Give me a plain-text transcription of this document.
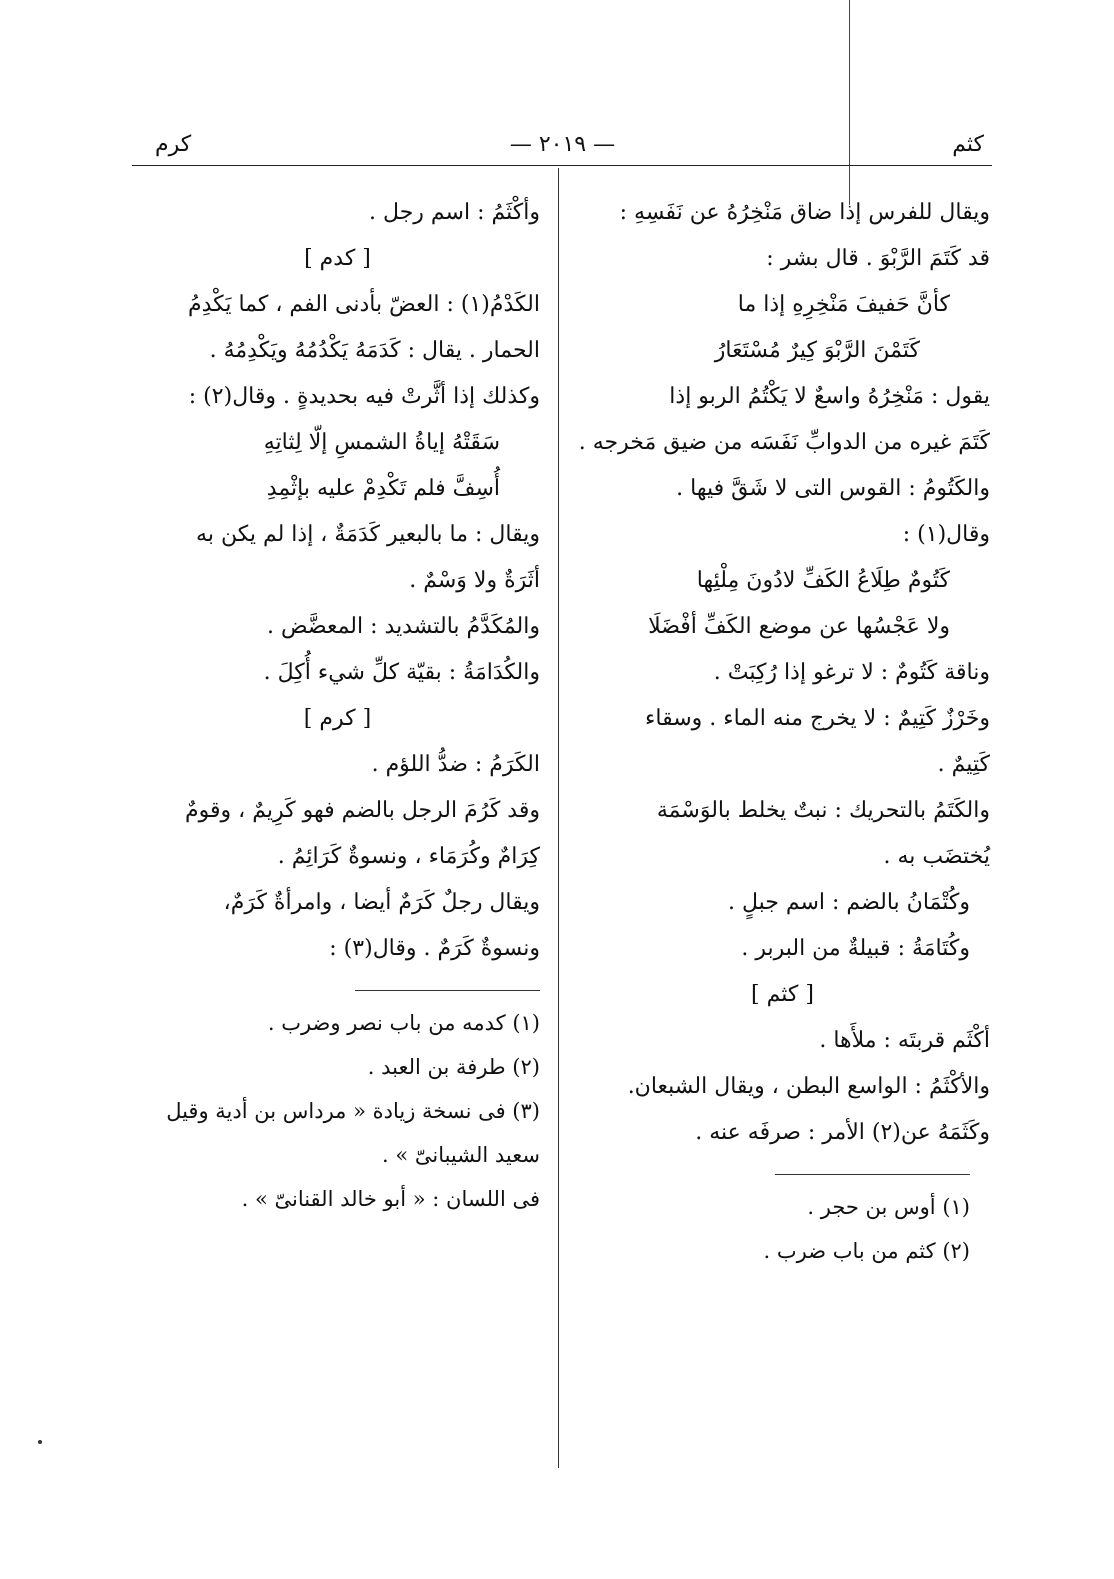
كرم	— ٢٠١٩ —	كثم

ويقال للفرس إذا ضاق مَنْخِرُهُ عن نَفَسِهِ :

قد كَتَمَ الرَّبْوَ . قال بشر :

كأنَّ حَفيفَ مَنْخِرِهِ إذا ما

كَتَمْنَ الرَّبْوَ كِيرٌ مُسْتَعَارُ

يقول : مَنْخِرُهُ واسعٌ لا يَكْتُمُ الربو إذا

كَتَمَ غيره من الدوابِّ نَفَسَه من ضيق مَخرجه .

والكَتُومُ : القوس التى لا شَقَّ فيها .

وقال(١) :

كَتُومٌ طِلَاعُ الكَفِّ لادُونَ مِلْئِها

ولا عَجْسُها عن موضع الكَفِّ أفْضَلَا

وناقة كَتُومٌ : لا ترغو إذا رُكِبَتْ .

وخَرْزٌ كَتِيمٌ : لا يخرج منه الماء . وسقاء

كَتِيمٌ .

والكَتَمُ بالتحريك : نبتٌ يخلط بالوَسْمَة

يُختضَب به .

وكُتْمَانُ بالضم : اسم جبلٍ .

وكُتَامَةُ : قبيلةٌ من البربر .

[ كثم ]

أكْثَم قربتَه : ملأَها .

والأكْثَمُ : الواسع البطن ، ويقال الشبعان.

وكَثَمَهُ عن(٢) الأمر : صرفَه عنه .

(١) أوس بن حجر .

(٢) كثم من باب ضرب .

وأكْثَمُ : اسم رجل .

[ كدم ]

الكَدْمُ(١) : العضّ بأدنى الفم ، كما يَكْدِمُ

الحمار . يقال : كَدَمَهُ يَكْدُمُهُ ويَكْدِمُهُ .

وكذلك إذا أثَّرتْ فيه بحديدةٍ . وقال(٢) :

سَقَتْهُ إياةُ الشمسِ إلّا لِثاتِهِ

أُسِفَّ فلم تَكْدِمْ عليه بإثْمِدِ

ويقال : ما بالبعير كَدَمَةٌ ، إذا لم يكن به

أثَرَةٌ ولا وَسْمٌ .

والمُكَدَّمُ بالتشديد : المعضَّض .

والكُدَامَةُ : بقيّة كلِّ شيء أُكِلَ .

[ كرم ]

الكَرَمُ : ضدُّ اللؤم .

وقد كَرُمَ الرجل بالضم فهو كَرِيمٌ ، وقومٌ

كِرَامٌ وكُرَمَاء ، ونسوةٌ كَرَائِمُ .

ويقال رجلٌ كَرَمٌ أيضا ، وامرأةٌ كَرَمٌ،

ونسوةٌ كَرَمٌ . وقال(٣) :

(١) كدمه من باب نصر وضرب .

(٢) طرفة بن العبد .

(٣) فى نسخة زيادة « مرداس بن أدية وقيل

سعيد الشيبانىّ » .

فى اللسان : « أبو خالد القنانىّ » .
